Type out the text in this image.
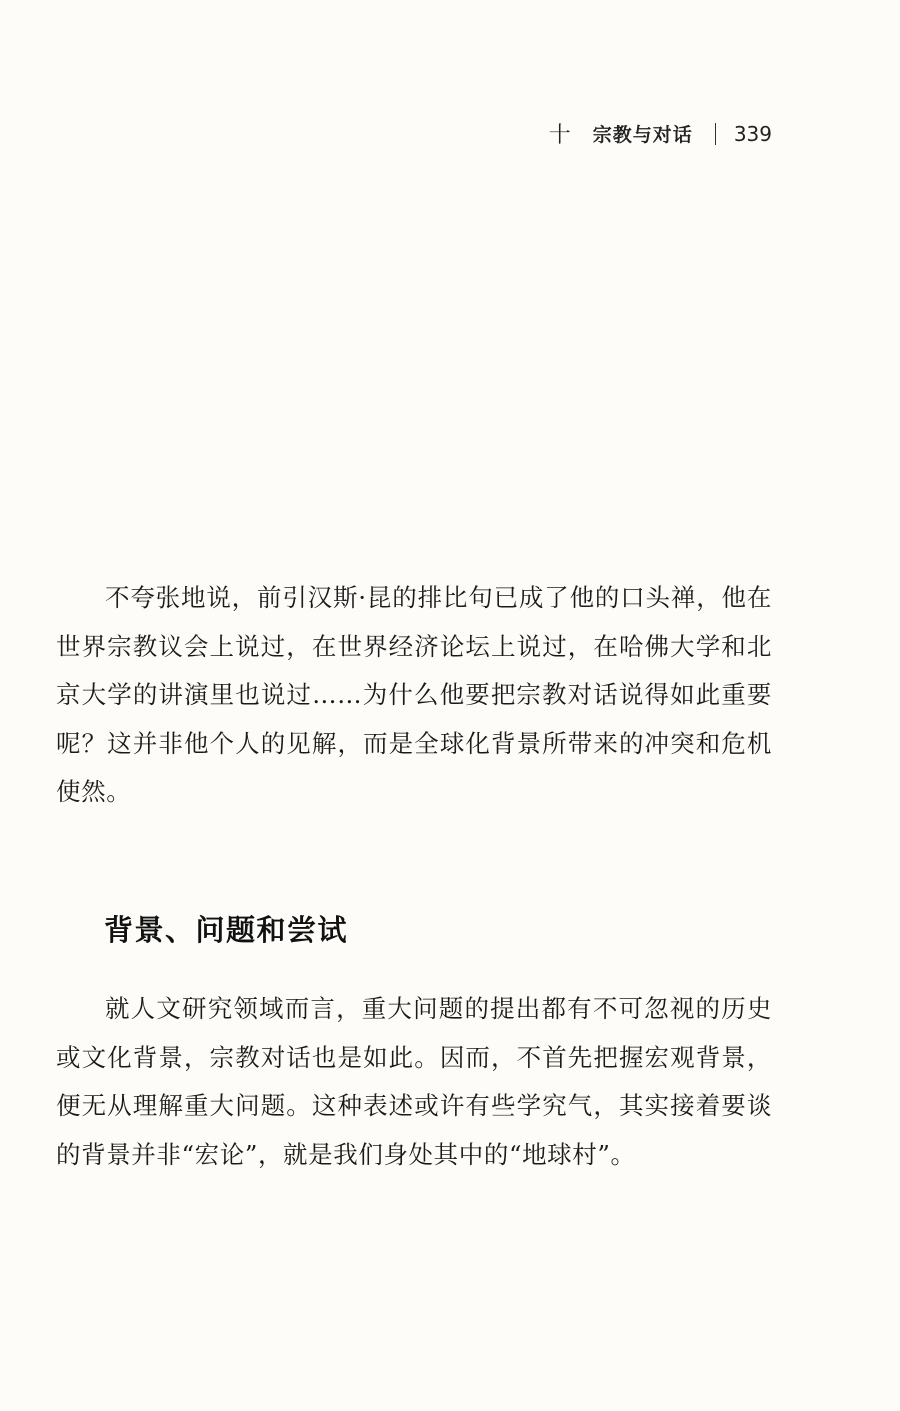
十 宗教与对话 339

不夸张地说，前引汉斯·昆的排比句已成了他的口头禅，他在世界宗教议会上说过，在世界经济论坛上说过，在哈佛大学和北京大学的讲演里也说过……为什么他要把宗教对话说得如此重要呢？这并非他个人的见解，而是全球化背景所带来的冲突和危机使然。

背景、问题和尝试

就人文研究领域而言，重大问题的提出都有不可忽视的历史或文化背景，宗教对话也是如此。因而，不首先把握宏观背景，便无从理解重大问题。这种表述或许有些学究气，其实接着要谈的背景并非“宏论”，就是我们身处其中的“地球村”。
